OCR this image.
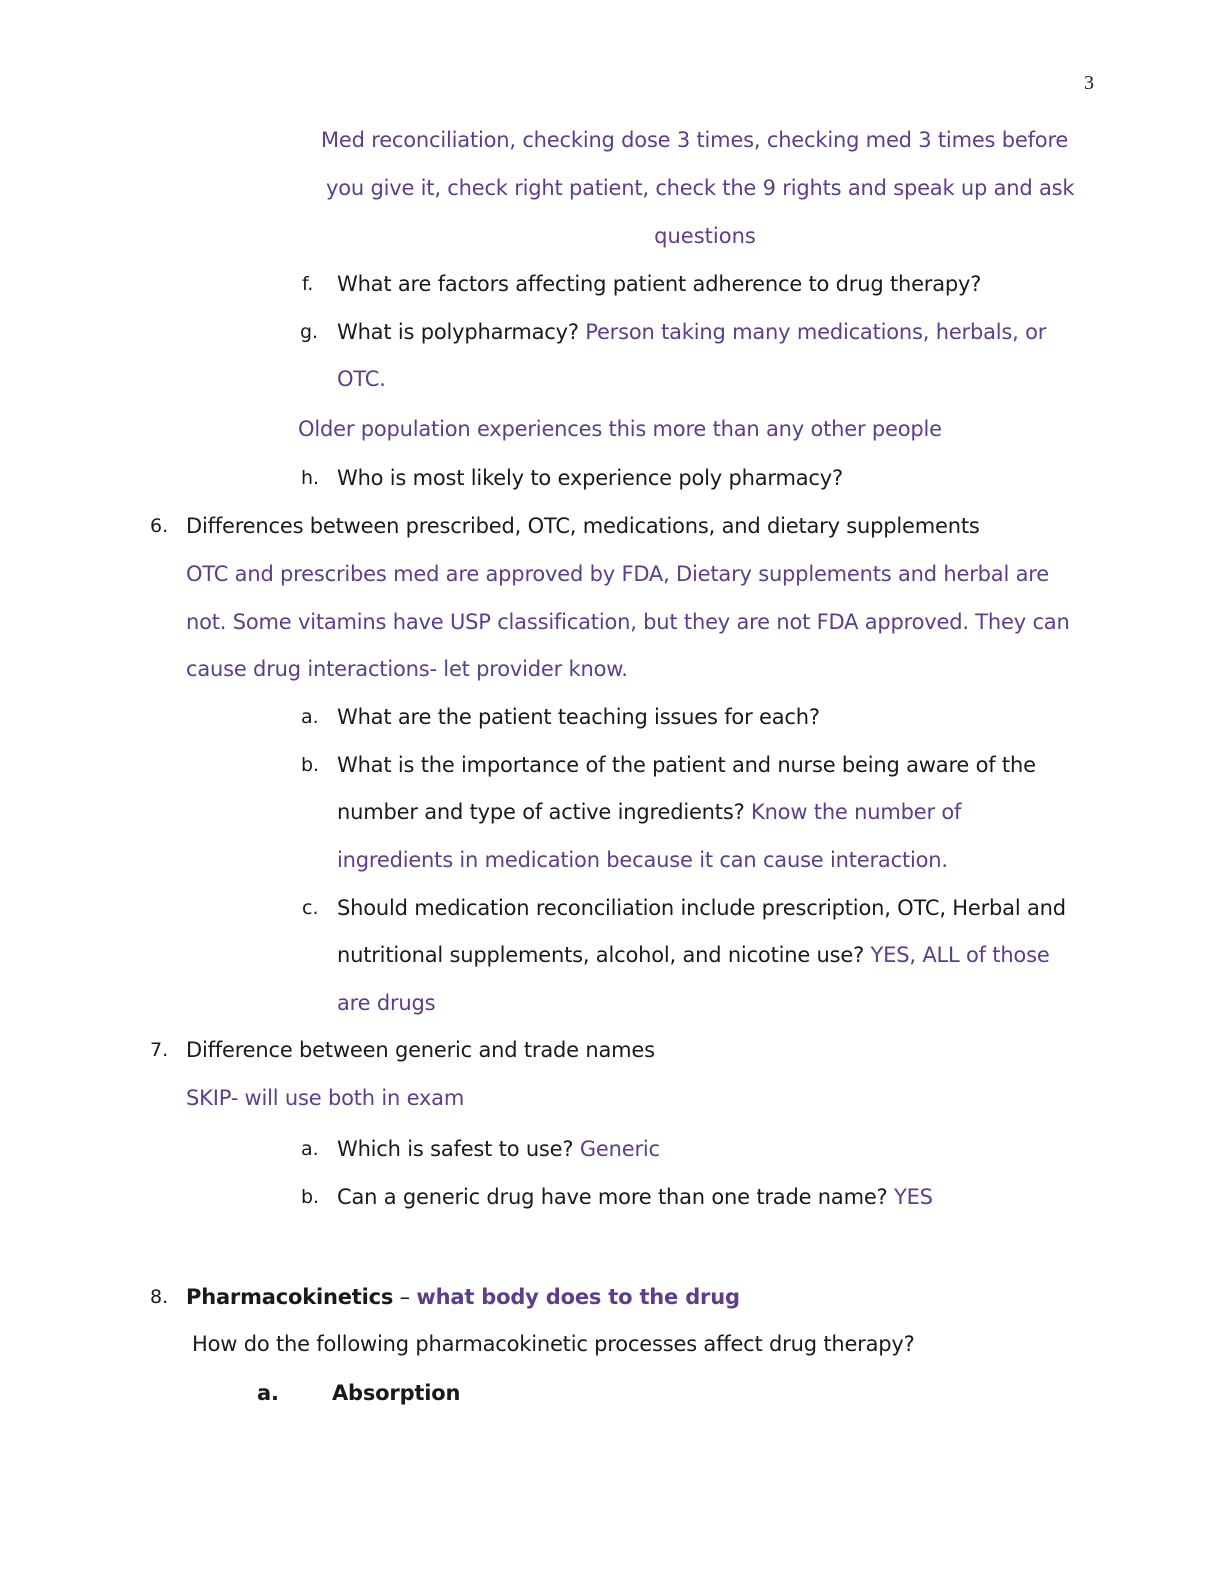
3
Med reconciliation, checking dose 3 times, checking med 3 times before
you give it, check right patient, check the 9 rights and speak up and ask
questions
f. What are factors affecting patient adherence to drug therapy?
g. What is polypharmacy? Person taking many medications, herbals, or
OTC.
Older population experiences this more than any other people
h. Who is most likely to experience poly pharmacy?
6. Differences between prescribed, OTC, medications, and dietary supplements
OTC and prescribes med are approved by FDA, Dietary supplements and herbal are
not. Some vitamins have USP classification, but they are not FDA approved. They can
cause drug interactions- let provider know.
a. What are the patient teaching issues for each?
b. What is the importance of the patient and nurse being aware of the
number and type of active ingredients? Know the number of
ingredients in medication because it can cause interaction.
c. Should medication reconciliation include prescription, OTC, Herbal and
nutritional supplements, alcohol, and nicotine use? YES, ALL of those
are drugs
7. Difference between generic and trade names
SKIP- will use both in exam
a. Which is safest to use? Generic
b. Can a generic drug have more than one trade name? YES
8. Pharmacokinetics – what body does to the drug
How do the following pharmacokinetic processes affect drug therapy?
a.	Absorption
